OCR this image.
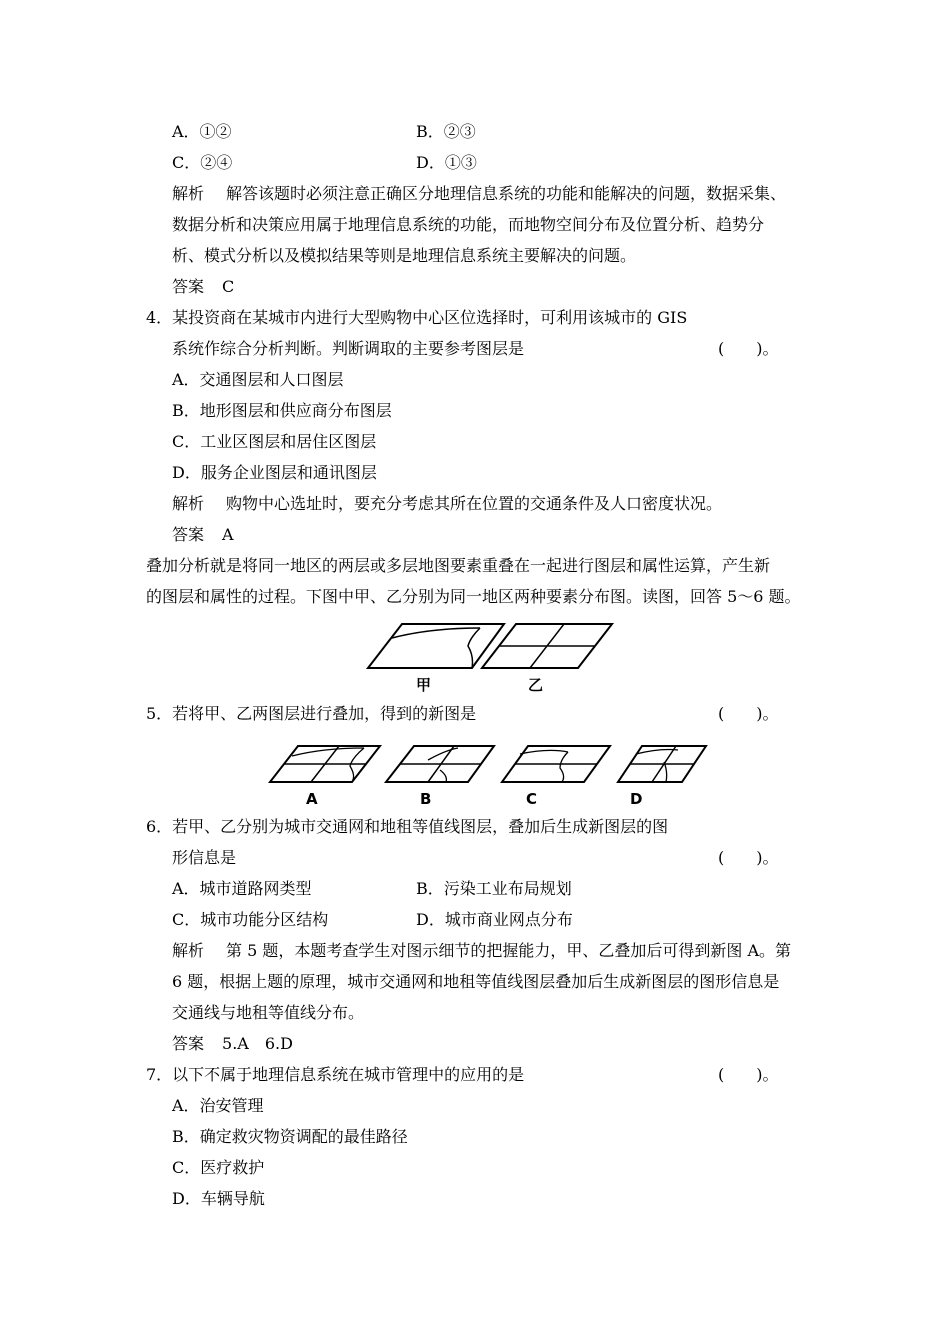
A．①②	B．②③
C．②④	D．①③
解析 解答该题时必须注意正确区分地理信息系统的功能和能解决的问题，数据采集、
数据分析和决策应用属于地理信息系统的功能，而地物空间分布及位置分析、趋势分
析、模式分析以及模拟结果等则是地理信息系统主要解决的问题。
答案 C
4．某投资商在某城市内进行大型购物中心区位选择时，可利用该城市的 GIS
系统作综合分析判断。判断调取的主要参考图层是	(　　)。
A．交通图层和人口图层
B．地形图层和供应商分布图层
C．工业区图层和居住区图层
D．服务企业图层和通讯图层
解析 购物中心选址时，要充分考虑其所在位置的交通条件及人口密度状况。
答案 A
叠加分析就是将同一地区的两层或多层地图要素重叠在一起进行图层和属性运算，产生新
的图层和属性的过程。下图中甲、乙分别为同一地区两种要素分布图。读图，回答 5～6 题。
甲	乙
5．若将甲、乙两图层进行叠加，得到的新图是	(　　)。
A	B	C	D
6．若甲、乙分别为城市交通网和地租等值线图层，叠加后生成新图层的图
形信息是	(　　)。
A．城市道路网类型	B．污染工业布局规划
C．城市功能分区结构	D．城市商业网点分布
解析 第 5 题，本题考查学生对图示细节的把握能力，甲、乙叠加后可得到新图 A。第
6 题，根据上题的原理，城市交通网和地租等值线图层叠加后生成新图层的图形信息是
交通线与地租等值线分布。
答案 5.A　6.D
7．以下不属于地理信息系统在城市管理中的应用的是	(　　)。
A．治安管理
B．确定救灾物资调配的最佳路径
C．医疗救护
D．车辆导航
